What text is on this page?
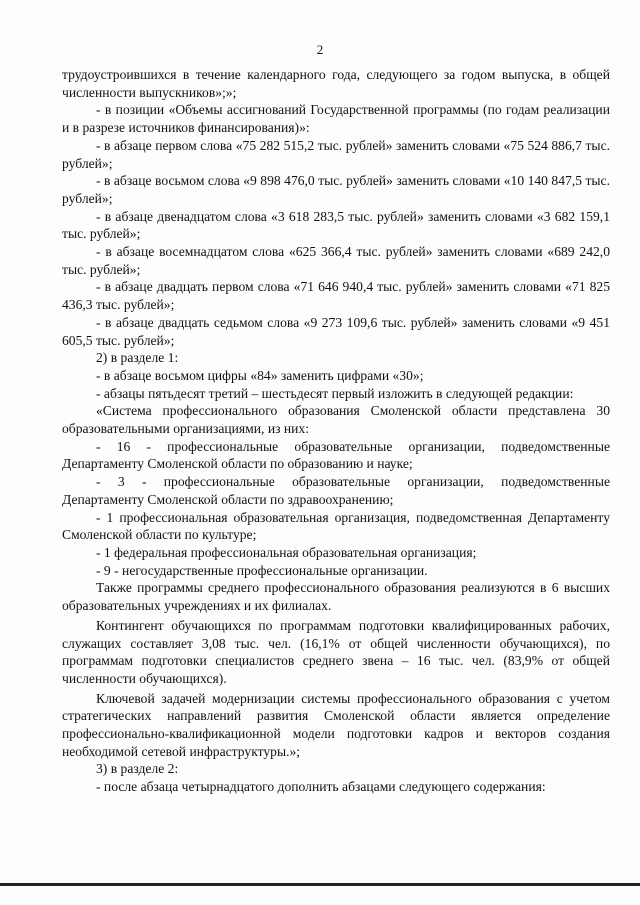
2

трудоустроившихся в течение календарного года, следующего за годом выпуска, в общей численности выпускников»;»;

- в позиции «Объемы ассигнований Государственной программы (по годам реализации и в разрезе источников финансирования)»:

- в абзаце первом слова «75 282 515,2 тыс. рублей» заменить словами «75 524 886,7 тыс. рублей»;

- в абзаце восьмом слова «9 898 476,0 тыс. рублей» заменить словами «10 140 847,5 тыс. рублей»;

- в абзаце двенадцатом слова «3 618 283,5 тыс. рублей» заменить словами «3 682 159,1 тыс. рублей»;

- в абзаце восемнадцатом слова «625 366,4 тыс. рублей» заменить словами «689 242,0 тыс. рублей»;

- в абзаце двадцать первом слова «71 646 940,4 тыс. рублей» заменить словами «71 825 436,3 тыс. рублей»;

- в абзаце двадцать седьмом слова «9 273 109,6 тыс. рублей» заменить словами «9 451 605,5 тыс. рублей»;

2) в разделе 1:

- в абзаце восьмом цифры «84» заменить цифрами «30»;

- абзацы пятьдесят третий – шестьдесят первый изложить в следующей редакции:

«Система профессионального образования Смоленской области представлена 30 образовательными организациями, из них:

- 16 - профессиональные образовательные организации, подведомственные Департаменту Смоленской области по образованию и науке;

- 3 - профессиональные образовательные организации, подведомственные Департаменту Смоленской области по здравоохранению;

- 1 профессиональная образовательная организация, подведомственная Департаменту Смоленской области по культуре;

- 1 федеральная профессиональная образовательная организация;

- 9 - негосударственные профессиональные организации.

Также программы среднего профессионального образования реализуются в 6 высших образовательных учреждениях и их филиалах.

Контингент обучающихся по программам подготовки квалифицированных рабочих, служащих составляет 3,08 тыс. чел. (16,1% от общей численности обучающихся), по программам подготовки специалистов среднего звена – 16 тыс. чел. (83,9% от общей численности обучающихся).

Ключевой задачей модернизации системы профессионального образования с учетом стратегических направлений развития Смоленской области является определение профессионально-квалификационной модели подготовки кадров и векторов создания необходимой сетевой инфраструктуры.»;

3) в разделе 2:

- после абзаца четырнадцатого дополнить абзацами следующего содержания:
